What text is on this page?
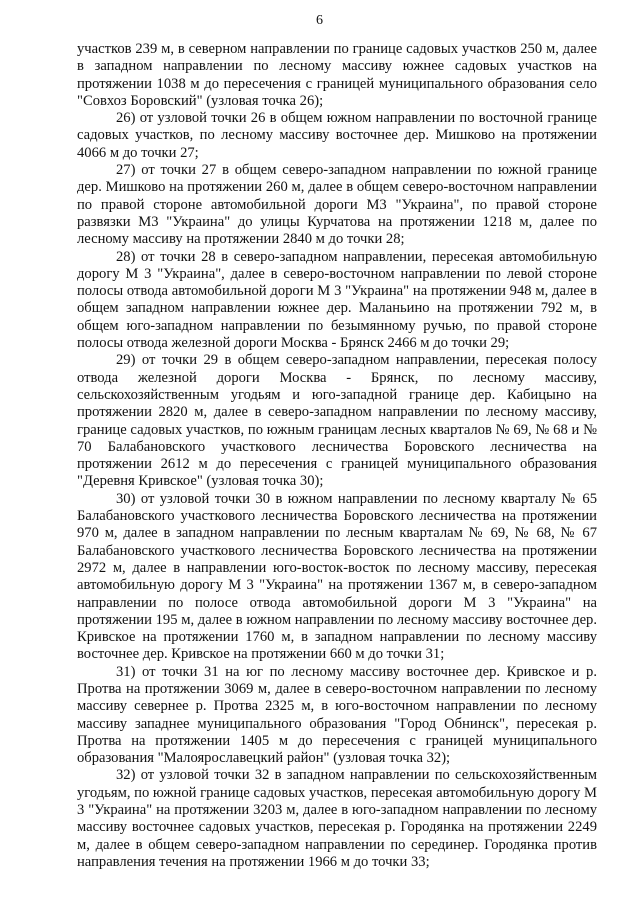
6

участков 239 м, в северном направлении по границе садовых участков 250 м, далее в западном направлении по лесному массиву южнее садовых участков на протяжении 1038 м до пересечения с границей муниципального образования село "Совхоз Боровский" (узловая точка 26);

26) от узловой точки 26 в общем южном направлении по восточной границе садовых участков, по лесному массиву восточнее дер. Мишково на протяжении 4066 м до точки 27;

27) от точки 27 в общем северо-западном направлении по южной границе дер. Мишково на протяжении 260 м, далее в общем северо-восточном направлении по правой стороне автомобильной дороги М3 "Украина", по правой стороне развязки М3 "Украина" до улицы Курчатова на протяжении 1218 м, далее по лесному массиву на протяжении 2840 м до точки 28;

28) от точки 28 в северо-западном направлении, пересекая автомобильную дорогу М 3 "Украина", далее в северо-восточном направлении по левой стороне полосы отвода автомобильной дороги М 3 "Украина" на протяжении 948 м, далее в общем западном направлении южнее дер. Маланьино на протяжении 792 м, в общем юго-западном направлении по безымянному ручью, по правой стороне полосы отвода железной дороги Москва - Брянск 2466 м до точки 29;

29) от точки 29 в общем северо-западном направлении, пересекая полосу отвода железной дороги Москва - Брянск, по лесному массиву, сельскохозяйственным угодьям и юго-западной границе дер. Кабицыно на протяжении 2820 м, далее в северо-западном направлении по лесному массиву, границе садовых участков, по южным границам лесных кварталов № 69, № 68 и № 70 Балабановского участкового лесничества Боровского лесничества на протяжении 2612 м до пересечения с границей муниципального образования "Деревня Кривское" (узловая точка 30);

30) от узловой точки 30 в южном направлении по лесному кварталу № 65 Балабановского участкового лесничества Боровского лесничества на протяжении 970 м, далее в западном направлении по лесным кварталам № 69, № 68, № 67 Балабановского участкового лесничества Боровского лесничества на протяжении 2972 м, далее в направлении юго-восток-восток по лесному массиву, пересекая автомобильную дорогу М 3 "Украина" на протяжении 1367 м, в северо-западном направлении по полосе отвода автомобильной дороги М 3 "Украина" на протяжении 195 м, далее в южном направлении по лесному массиву восточнее дер. Кривское на протяжении 1760 м, в западном направлении по лесному массиву восточнее дер. Кривское на протяжении 660 м до точки 31;

31) от точки 31 на юг по лесному массиву восточнее дер. Кривское и р. Протва на протяжении 3069 м, далее в северо-восточном направлении по лесному массиву севернее р. Протва 2325 м, в юго-восточном направлении по лесному массиву западнее муниципального образования "Город Обнинск", пересекая р. Протва на протяжении 1405 м до пересечения с границей муниципального образования "Малоярославецкий район" (узловая точка 32);

32) от узловой точки 32 в западном направлении по сельскохозяйственным угодьям, по южной границе садовых участков, пересекая автомобильную дорогу М 3 "Украина" на протяжении 3203 м, далее в юго-западном направлении по лесному массиву восточнее садовых участков, пересекая р. Городянка на протяжении 2249 м, далее в общем северо-западном направлении по серединер. Городянка против направления течения на протяжении 1966 м до точки 33;
